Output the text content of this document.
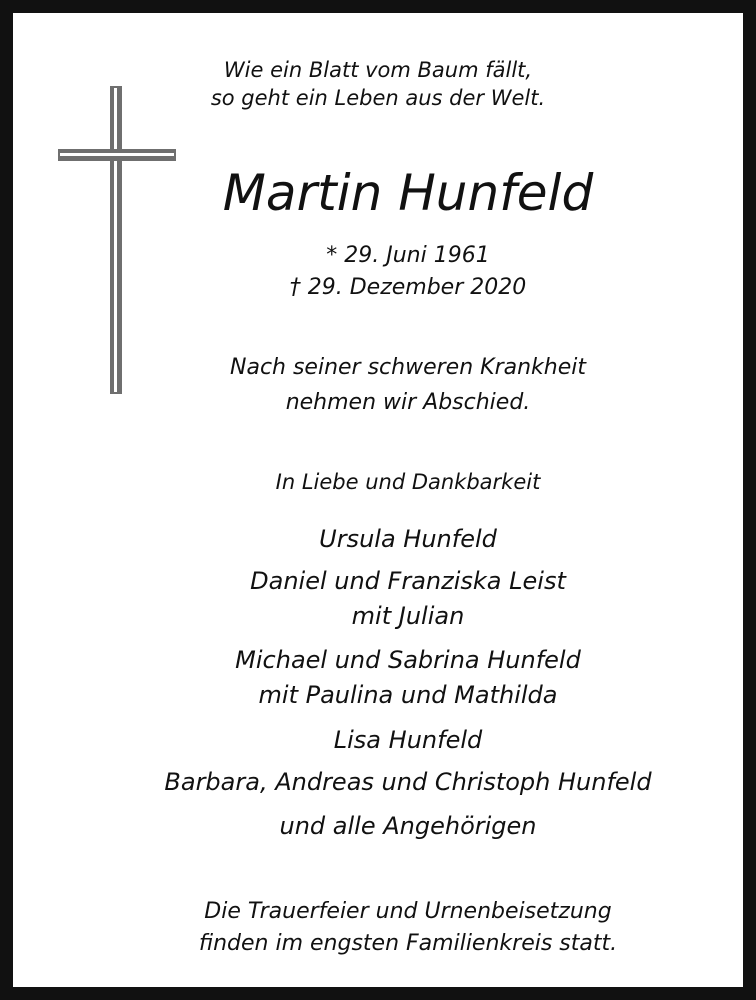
Wie ein Blatt vom Baum fällt,
so geht ein Leben aus der Welt.
Martin Hunfeld
* 29. Juni 1961
† 29. Dezember 2020
Nach seiner schweren Krankheit
nehmen wir Abschied.
In Liebe und Dankbarkeit
Ursula Hunfeld
Daniel und Franziska Leist
mit Julian
Michael und Sabrina Hunfeld
mit Paulina und Mathilda
Lisa Hunfeld
Barbara, Andreas und Christoph Hunfeld
und alle Angehörigen
Die Trauerfeier und Urnenbeisetzung
finden im engsten Familienkreis statt.
